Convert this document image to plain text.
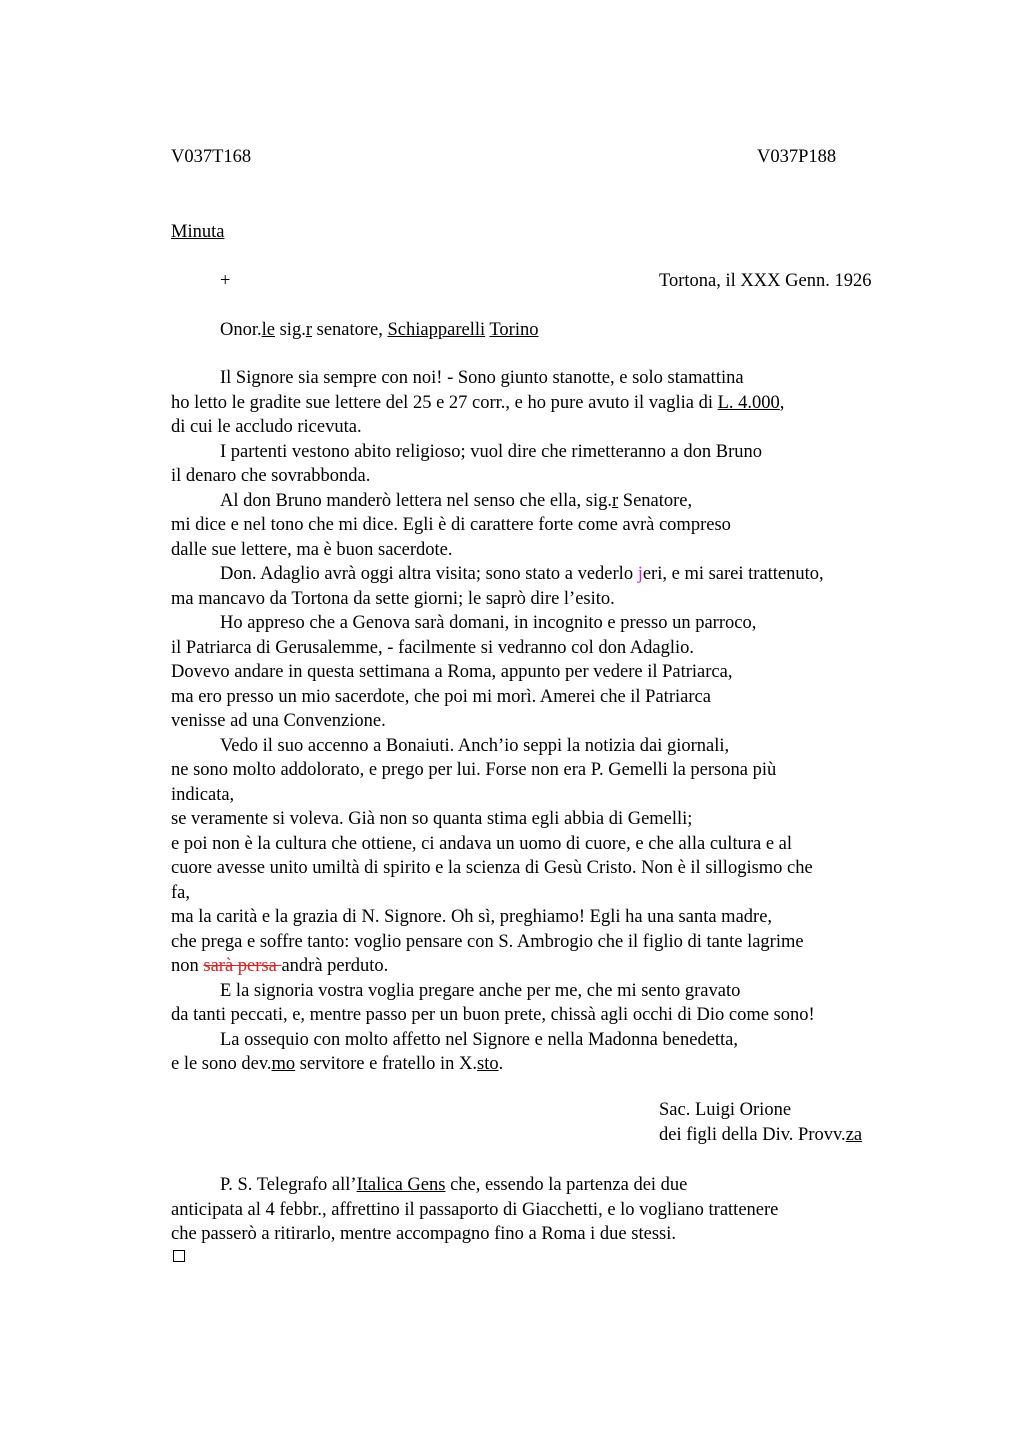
V037T168	V037P188
Minuta
+	Tortona, il XXX Genn. 1926
Onor.le sig.r senatore, Schiapparelli Torino
Il Signore sia sempre con noi! - Sono giunto stanotte, e solo stamattina
ho letto le gradite sue lettere del 25 e 27 corr., e ho pure avuto il vaglia di L. 4.000,
di cui le accludo ricevuta.
I partenti vestono abito religioso; vuol dire che rimetteranno a don Bruno
il denaro che sovrabbonda.
Al don Bruno manderò lettera nel senso che ella, sig.r Senatore,
mi dice e nel tono che mi dice. Egli è di carattere forte come avrà compreso
dalle sue lettere, ma è buon sacerdote.
Don. Adaglio avrà oggi altra visita; sono stato a vederlo jeri, e mi sarei trattenuto,
ma mancavo da Tortona da sette giorni; le saprò dire l’esito.
Ho appreso che a Genova sarà domani, in incognito e presso un parroco,
il Patriarca di Gerusalemme, - facilmente si vedranno col don Adaglio.
Dovevo andare in questa settimana a Roma, appunto per vedere il Patriarca,
ma ero presso un mio sacerdote, che poi mi morì. Amerei che il Patriarca
venisse ad una Convenzione.
Vedo il suo accenno a Bonaiuti. Anch’io seppi la notizia dai giornali,
ne sono molto addolorato, e prego per lui. Forse non era P. Gemelli la persona più
indicata,
se veramente si voleva. Già non so quanta stima egli abbia di Gemelli;
e poi non è la cultura che ottiene, ci andava un uomo di cuore, e che alla cultura e al
cuore avesse unito umiltà di spirito e la scienza di Gesù Cristo. Non è il sillogismo che
fa,
ma la carità e la grazia di N. Signore. Oh sì, preghiamo! Egli ha una santa madre,
che prega e soffre tanto: voglio pensare con S. Ambrogio che il figlio di tante lagrime
non sarà persa andrà perduto.
E la signoria vostra voglia pregare anche per me, che mi sento gravato
da tanti peccati, e, mentre passo per un buon prete, chissà agli occhi di Dio come sono!
La ossequio con molto affetto nel Signore e nella Madonna benedetta,
e le sono dev.mo servitore e fratello in X.sto.
Sac. Luigi Orione
dei figli della Div. Provv.za
P. S. Telegrafo all’Italica Gens che, essendo la partenza dei due
anticipata al 4 febbr., affrettino il passaporto di Giacchetti, e lo vogliano trattenere
che passerò a ritirarlo, mentre accompagno fino a Roma i due stessi.
